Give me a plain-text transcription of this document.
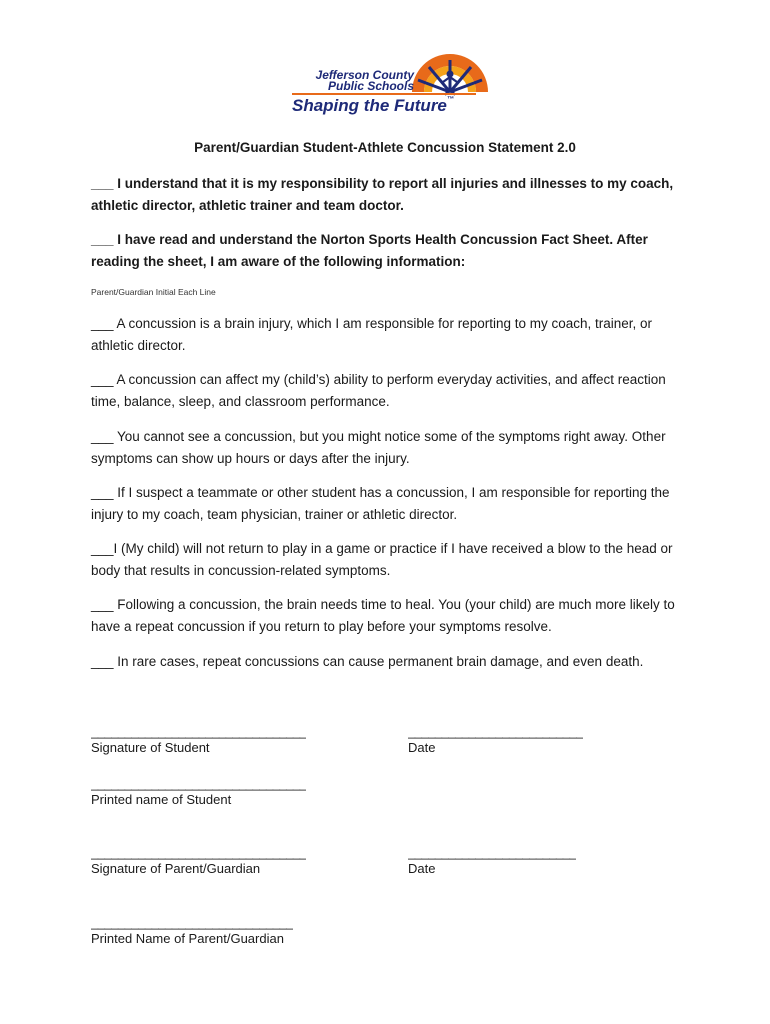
Jefferson County
Public Schools
Shaping the Future™
Parent/Guardian Student-Athlete Concussion Statement 2.0
___ I understand that it is my responsibility to report all injuries and illnesses to my coach, athletic director, athletic trainer and team doctor.
___ I have read and understand the Norton Sports Health Concussion Fact Sheet. After reading the sheet, I am aware of the following information:
Parent/Guardian Initial Each Line
___ A concussion is a brain injury, which I am responsible for reporting to my coach, trainer, or athletic director.
___ A concussion can affect my (child’s) ability to perform everyday activities, and affect reaction time, balance, sleep, and classroom performance.
___ You cannot see a concussion, but you might notice some of the symptoms right away. Other symptoms can show up hours or days after the injury.
___ If I suspect a teammate or other student has a concussion, I am responsible for reporting the injury to my coach, team physician, trainer or athletic director.
___I (My child) will not return to play in a game or practice if I have received a blow to the head or body that results in concussion-related symptoms.
___ Following a concussion, the brain needs time to heal. You (your child) are much more likely to have a repeat concussion if you return to play before your symptoms resolve.
___ In rare cases, repeat concussions can cause permanent brain damage, and even death.
________________________________
Signature of Student
__________________________
Date
________________________________
Printed name of Student
________________________________
Signature of Parent/Guardian
_________________________
Date
______________________________
Printed Name of Parent/Guardian
